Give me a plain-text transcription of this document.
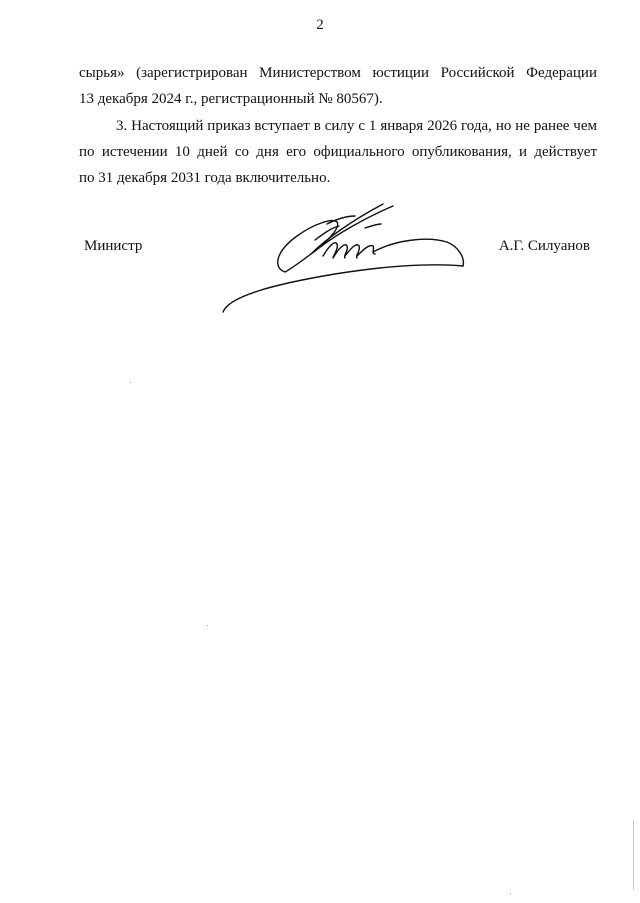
2
сырья» (зарегистрирован Министерством юстиции Российской Федерации
13 декабря 2024 г., регистрационный № 80567).
3. Настоящий приказ вступает в силу с 1 января 2026 года, но не ранее чем
по истечении 10 дней со дня его официального опубликования, и действует
по 31 декабря 2031 года включительно.
Министр	А.Г. Силуанов
